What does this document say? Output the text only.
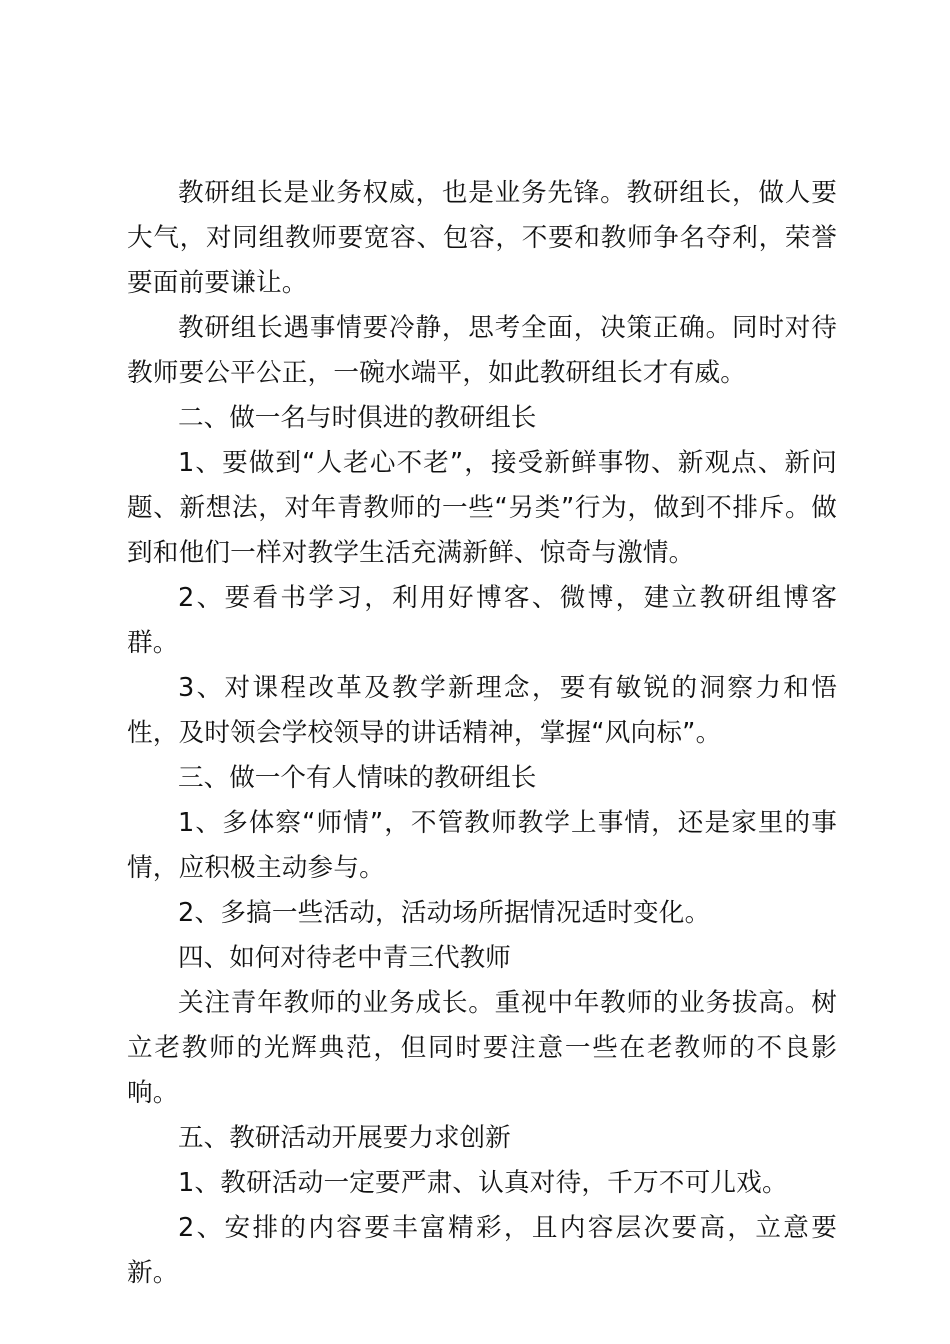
教研组长是业务权威，也是业务先锋。教研组长，做人要大气，对同组教师要宽容、包容，不要和教师争名夺利，荣誉要面前要谦让。

教研组长遇事情要冷静，思考全面，决策正确。同时对待教师要公平公正，一碗水端平，如此教研组长才有威。

二、做一名与时俱进的教研组长

1、要做到“人老心不老”，接受新鲜事物、新观点、新问题、新想法，对年青教师的一些“另类”行为，做到不排斥。做到和他们一样对教学生活充满新鲜、惊奇与激情。

2、要看书学习，利用好博客、微博，建立教研组博客群。

3、对课程改革及教学新理念，要有敏锐的洞察力和悟性，及时领会学校领导的讲话精神，掌握“风向标”。

三、做一个有人情味的教研组长

1、多体察“师情”，不管教师教学上事情，还是家里的事情，应积极主动参与。

2、多搞一些活动，活动场所据情况适时变化。

四、如何对待老中青三代教师

关注青年教师的业务成长。重视中年教师的业务拔高。树立老教师的光辉典范，但同时要注意一些在老教师的不良影响。

五、教研活动开展要力求创新

1、教研活动一定要严肃、认真对待，千万不可儿戏。

2、安排的内容要丰富精彩，且内容层次要高，立意要新。
